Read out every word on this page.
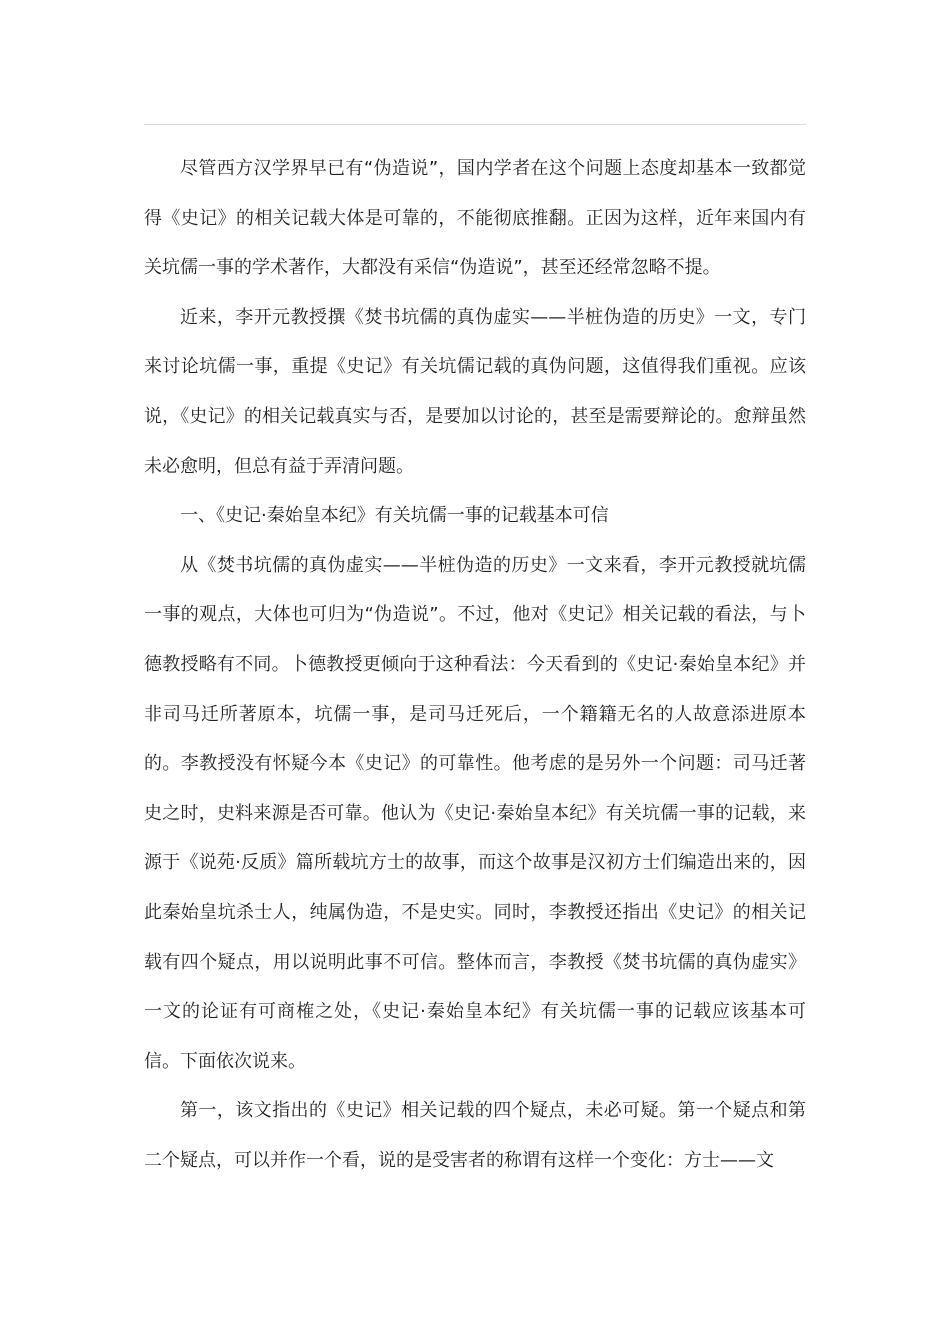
尽管西方汉学界早已有“伪造说”，国内学者在这个问题上态度却基本一致都觉得《史记》的相关记载大体是可靠的，不能彻底推翻。正因为这样，近年来国内有关坑儒一事的学术著作，大都没有采信“伪造说”，甚至还经常忽略不提。

近来，李开元教授撰《焚书坑儒的真伪虚实——半桩伪造的历史》一文，专门来讨论坑儒一事，重提《史记》有关坑儒记载的真伪问题，这值得我们重视。应该说，《史记》的相关记载真实与否，是要加以讨论的，甚至是需要辩论的。愈辩虽然未必愈明，但总有益于弄清问题。

一、《史记·秦始皇本纪》有关坑儒一事的记载基本可信

从《焚书坑儒的真伪虚实——半桩伪造的历史》一文来看，李开元教授就坑儒一事的观点，大体也可归为“伪造说”。不过，他对《史记》相关记载的看法，与卜德教授略有不同。卜德教授更倾向于这种看法：今天看到的《史记·秦始皇本纪》并非司马迁所著原本，坑儒一事，是司马迁死后，一个籍籍无名的人故意添进原本的。李教授没有怀疑今本《史记》的可靠性。他考虑的是另外一个问题：司马迁著史之时，史料来源是否可靠。他认为《史记·秦始皇本纪》有关坑儒一事的记载，来源于《说苑·反质》篇所载坑方士的故事，而这个故事是汉初方士们编造出来的，因此秦始皇坑杀士人，纯属伪造，不是史实。同时，李教授还指出《史记》的相关记载有四个疑点，用以说明此事不可信。整体而言，李教授《焚书坑儒的真伪虚实》一文的论证有可商榷之处，《史记·秦始皇本纪》有关坑儒一事的记载应该基本可信。下面依次说来。

第一，该文指出的《史记》相关记载的四个疑点，未必可疑。第一个疑点和第二个疑点，可以并作一个看，说的是受害者的称谓有这样一个变化：方士——文
